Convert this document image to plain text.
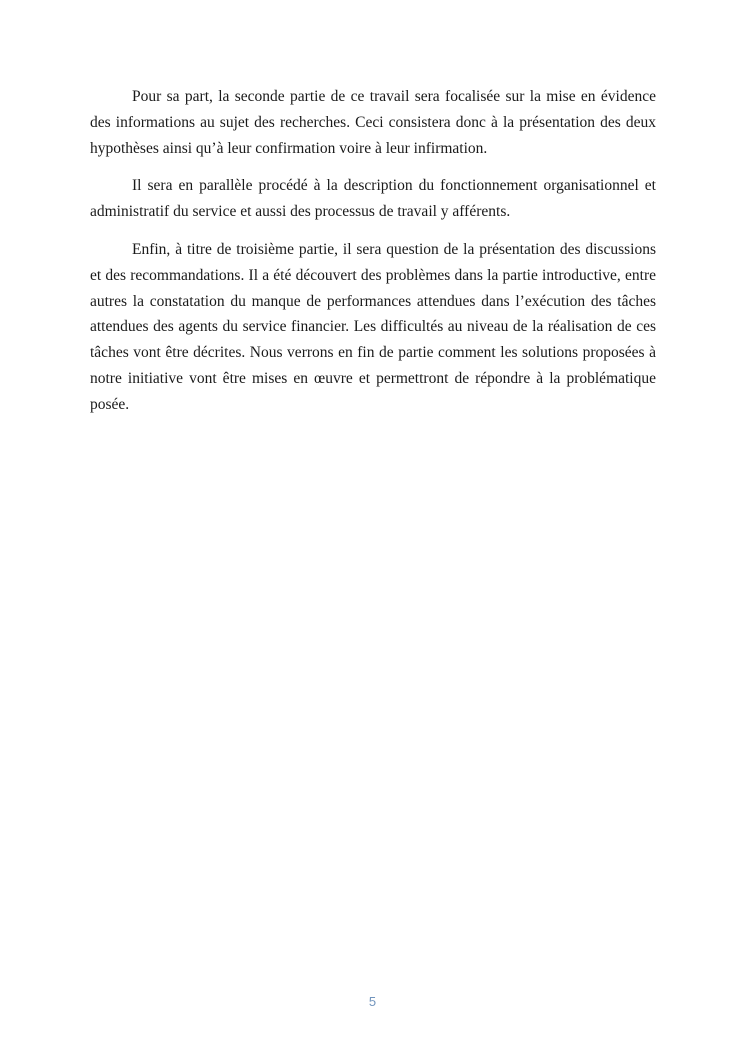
Pour sa part, la seconde partie de ce travail sera focalisée sur la mise en évidence des informations au sujet des recherches. Ceci consistera donc à la présentation des deux hypothèses ainsi qu’à leur confirmation voire à leur infirmation.

Il sera en parallèle procédé à la description du fonctionnement organisationnel et administratif du service et aussi des processus de travail y afférents.

Enfin, à titre de troisième partie, il sera question de la présentation des discussions et des recommandations. Il a été découvert des problèmes dans la partie introductive, entre autres la constatation du manque de performances attendues dans l’exécution des tâches attendues des agents du service financier. Les difficultés au niveau de la réalisation de ces tâches vont être décrites. Nous verrons en fin de partie comment les solutions proposées à notre initiative vont être mises en œuvre et permettront de répondre à la problématique posée.

5
